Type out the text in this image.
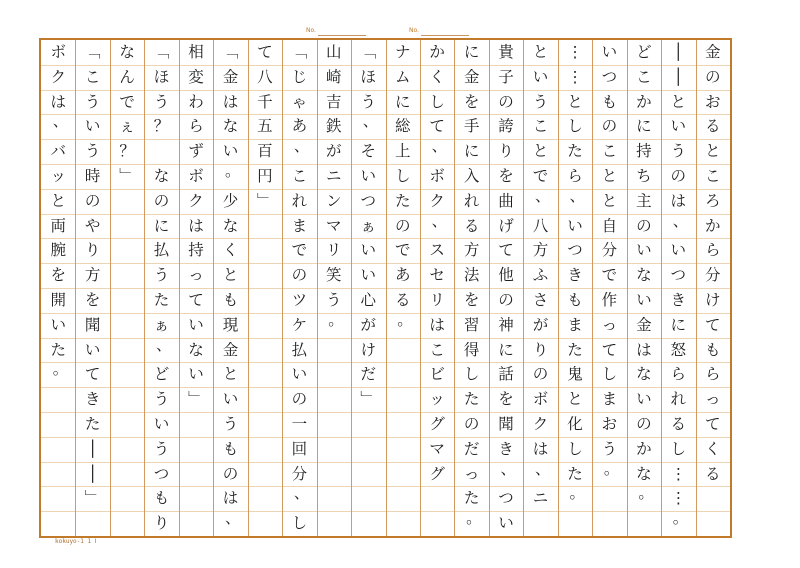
No.	No.
金
の
お
る
と
こ
ろ
か
ら
分
け
て
も
ら
っ
て
く
る
│
│
と
い
う
の
は
、
い
つ
き
に
怒
ら
れ
る
し
⋮
⋮
。
ど
こ
か
に
持
ち
主
の
い
な
い
金
は
な
い
の
か
な
。
い
つ
も
の
こ
と
と
自
分
で
作
っ
て
し
ま
お
う
。
⋮
⋮
と
し
た
ら
、
い
つ
き
も
ま
た
鬼
と
化
し
た
。
と
い
う
こ
と
で
、
八
方
ふ
さ
が
り
の
ボ
ク
は
、
ニ
貴
子
の
誇
り
を
曲
げ
て
他
の
神
に
話
を
聞
き
、
つ
い
に
金
を
手
に
入
れ
る
方
法
を
習
得
し
た
の
だ
っ
た
。
か
く
し
て
、
ボ
ク
、
ス
セ
リ
は
こ
ビ
ッ
グ
マ
グ
ナ
ム
に
総
上
し
た
の
で
あ
る
。
﹁
ほ
う
、
そ
い
つ
ぁ
い
い
心
が
け
だ
﹂
山
崎
吉
鉄
が
ニ
ン
マ
リ
笑
う
。
﹁
じ
ゃ
あ
、
こ
れ
ま
で
の
ツ
ケ
払
い
の
一
回
分
、
し
て
八
千
五
百
円
﹂
﹁
金
は
な
い
。
少
な
く
と
も
現
金
と
い
う
も
の
は
、
相
変
わ
ら
ず
ボ
ク
は
持
っ
て
い
な
い
﹂
﹁
ほ
う
？

な
の
に
払
う
た
ぁ
、
ど
う
い
う
つ
も
り
な
ん
で
ぇ
？
﹂
﹁
こ
う
い
う
時
の
や
り
方
を
聞
い
て
き
た
│
│
﹂
ボ
ク
は
、
バ
ッ
と
両
腕
を
開
い
た
。
kokuyo-1 1 Ⅰ
